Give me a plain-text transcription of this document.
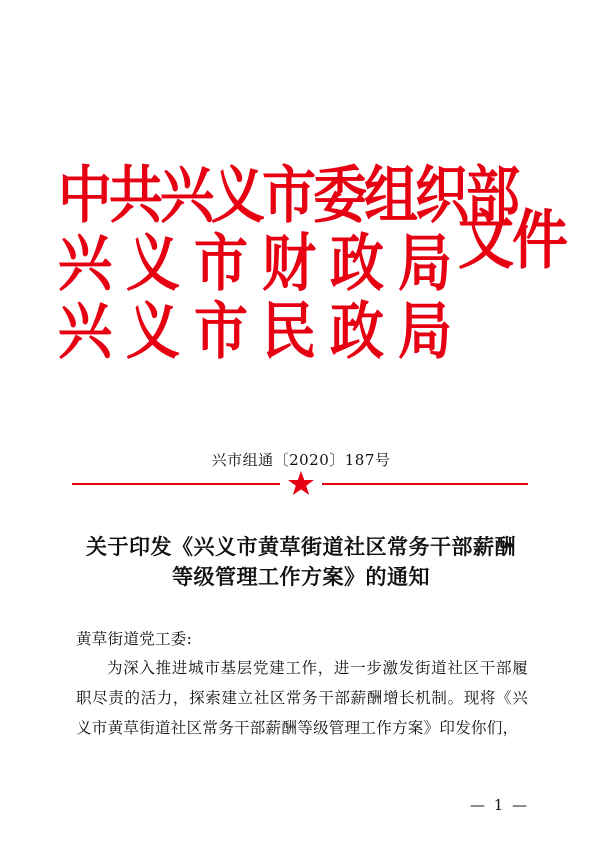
中共兴义市委组织部
兴义市财政局
兴义市民政局
文件
兴市组通〔2020〕187号
关于印发《兴义市黄草街道社区常务干部薪酬
等级管理工作方案》的通知
黄草街道党工委:
为深入推进城市基层党建工作，进一步激发街道社区干部履职尽责的活力，探索建立社区常务干部薪酬增长机制。现将《兴义市黄草街道社区常务干部薪酬等级管理工作方案》印发你们，
— 1 —
